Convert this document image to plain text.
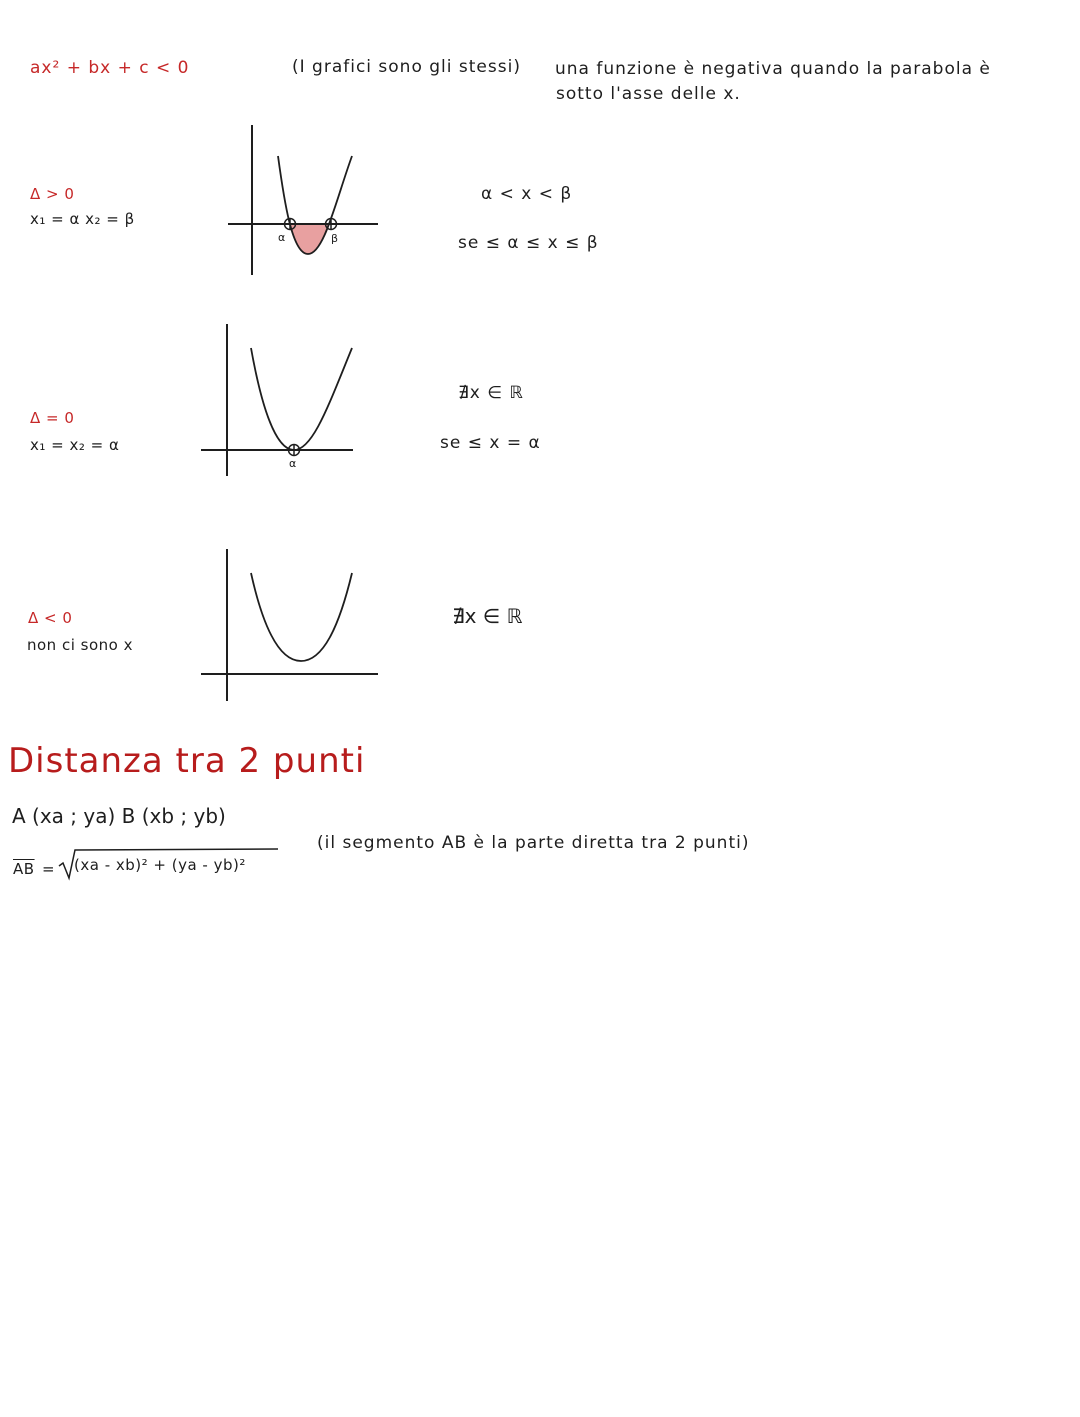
ax² + bx + c < 0	(I grafici sono gli stessi) una funzione è negativa quando la parabola è
sotto l'asse delle x.
Δ > 0
x₁ = α x₂ = β
α	β
α < x < β
se ≤ α ≤ x ≤ β
Δ = 0
x₁ = x₂ = α
α
∄x ∈ ℝ
se ≤ x = α
Δ < 0
non ci sono x
∄x ∈ ℝ
Distanza tra 2 punti
A (xa ; ya) B (xb ; yb)
$\overline{AB} = (xa - xb)^2 + (ya - yb)^2$
(il segmento AB è la parte diretta tra 2 punti)
